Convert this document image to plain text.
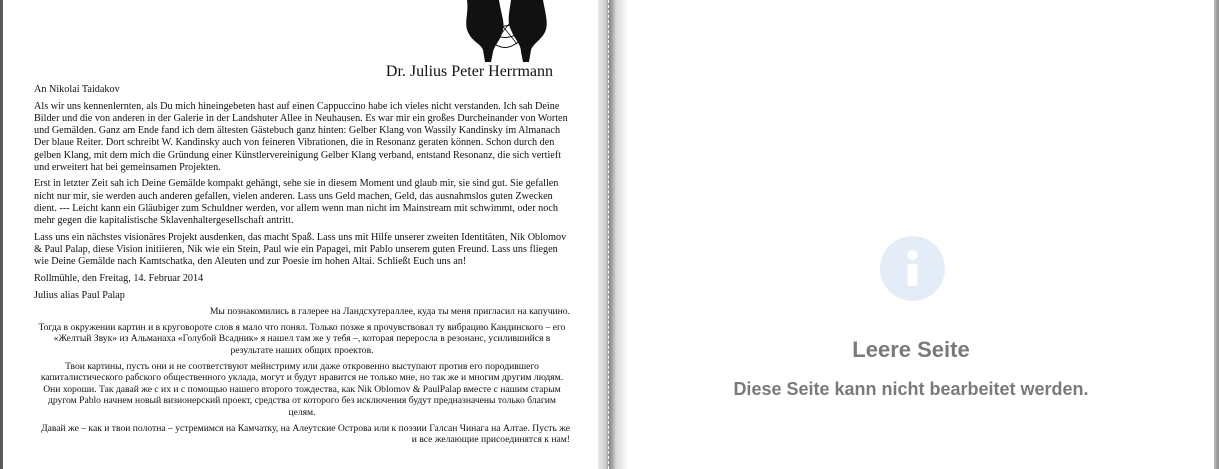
Dr. Julius Peter Herrmann

An Nikolai Taidakov

Als wir uns kennenlernten, als Du mich hineingebeten hast auf einen Cappuccino habe ich vieles nicht verstanden. Ich sah Deine Bilder und die von anderen in der Galerie in der Landshuter Allee in Neuhausen. Es war mir ein großes Durcheinander von Worten und Gemälden. Ganz am Ende fand ich dem ältesten Gästebuch ganz hinten: Gelber Klang von Wassily Kandinsky im Almanach Der blaue Reiter. Dort schreibt W. Kandinsky auch von feineren Vibrationen, die in Resonanz geraten können. Schon durch den gelben Klang, mit dem mich die Gründung einer Künstlervereinigung Gelber Klang verband, entstand Resonanz, die sich vertieft und erweitert hat bei gemeinsamen Projekten.

Erst in letzter Zeit sah ich Deine Gemälde kompakt gehängt, sehe sie in diesem Moment und glaub mir, sie sind gut. Sie gefallen nicht nur mir, sie werden auch anderen gefallen, vielen anderen. Lass uns Geld machen, Geld, das ausnahmslos guten Zwecken dient. --- Leicht kann ein Gläubiger zum Schuldner werden, vor allem wenn man nicht im Mainstream mit schwimmt, oder noch mehr gegen die kapitalistische Sklavenhaltergesellschaft antritt.

Lass uns ein nächstes visionäres Projekt ausdenken, das macht Spaß. Lass uns mit Hilfe unserer zweiten Identitäten, Nik Oblomov & Paul Palap, diese Vision initiieren, Nik wie ein Stein, Paul wie ein Papagei, mit Pablo unserem guten Freund. Lass uns fliegen wie Deine Gemälde nach Kamtschatka, den Aleuten und zur Poesie im hohen Altai. Schließt Euch uns an!

Rollmühle, den Freitag, 14. Februar 2014

Julius alias Paul Palap

Мы познакомились в галерее на Ландсхутераллее, куда ты меня пригласил на капучино.

Тогда в окружении картин и в круговороте слов я мало что понял. Только позже я прочувствовал ту вибрацию Кандинского – его «Желтый Звук» из Альманаха «Голубой Всадник» я нашел там же у тебя –, которая переросла в резонанс, усилившийся в результате наших общих проектов.

Твои картины, пусть они и не соответствуют мейнстриму или даже откровенно выступают против его породившего капиталистического рабского общественного уклада, могут и будут нравится не только мне, но так же и многим другим людям. Они хороши. Так давай же с их и с помощью нашего второго тождества, как Nik Oblomov & PaulPalap вместе с нашим старым другом Pablo начнем новый визионерский проект, средства от которого без исключения будут предназначены только благим целям.

Давай же – как и твои полотна – устремимся на Камчатку, на Алеутские Острова или к поэзии Галсан Чинага на Алтае. Пусть же и все желающие присоединятся к нам!

Leere Seite
Diese Seite kann nicht bearbeitet werden.
